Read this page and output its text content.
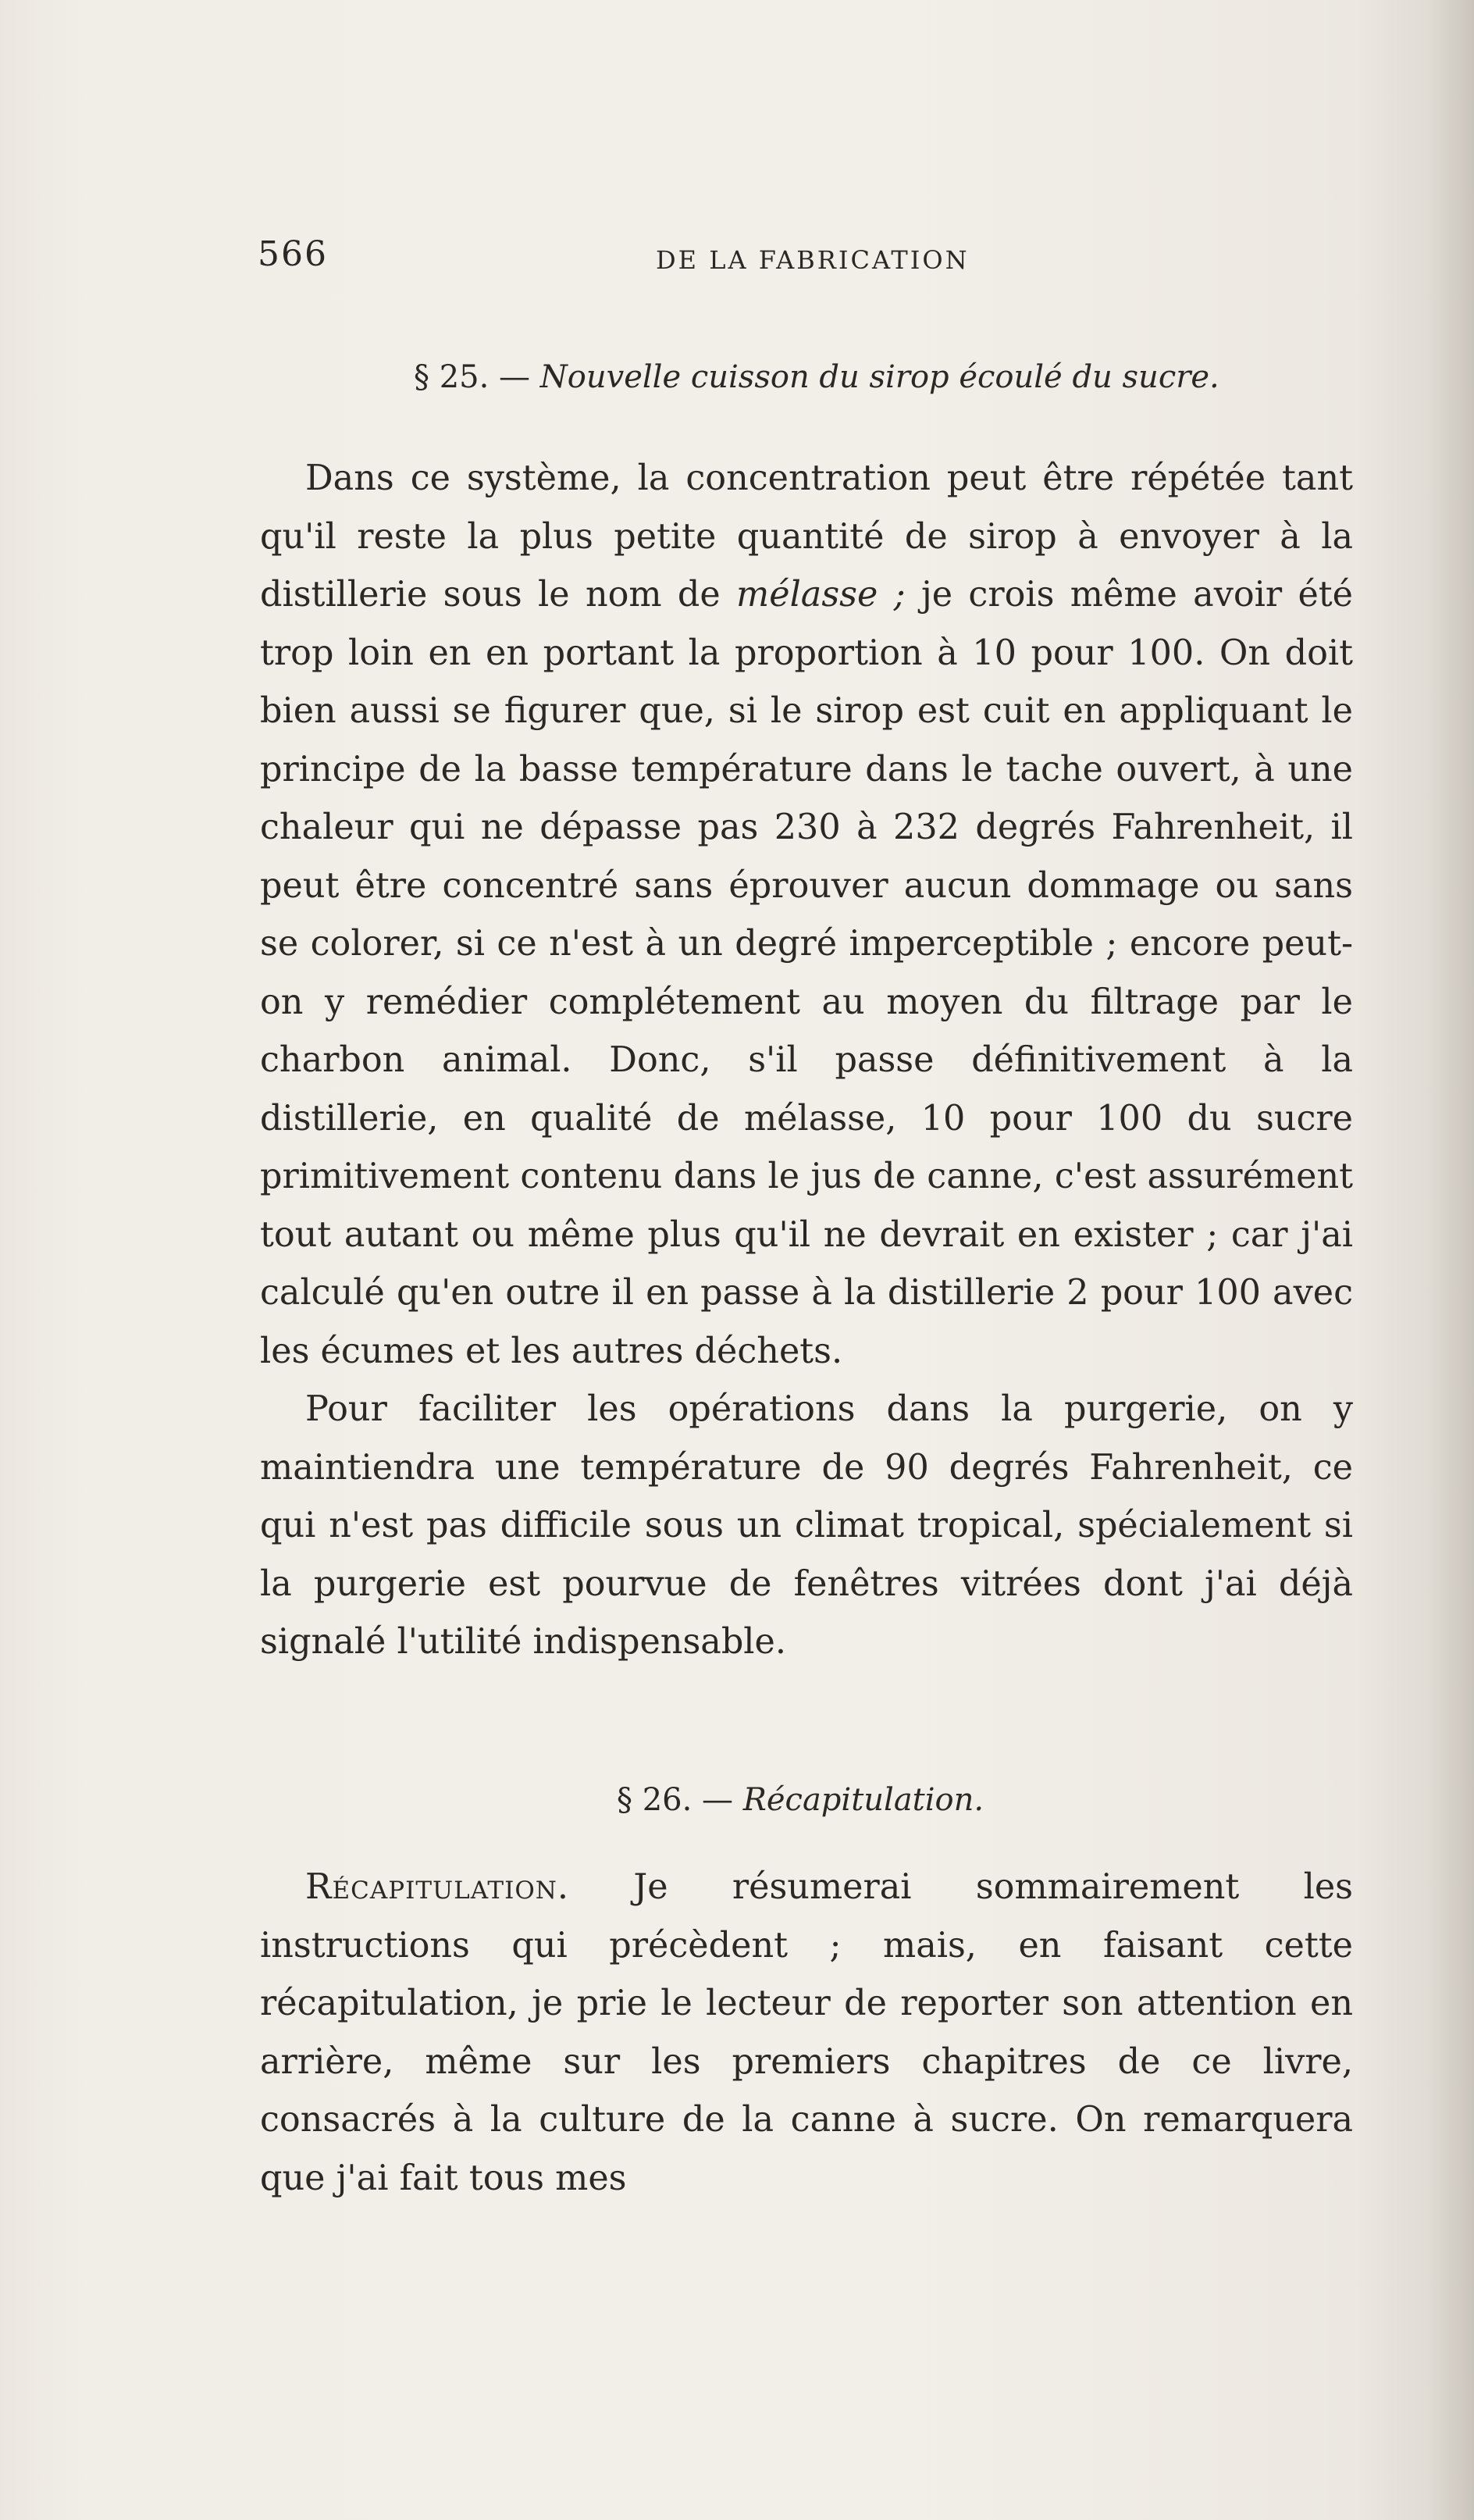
566	DE LA FABRICATION
§ 25. — Nouvelle cuisson du sirop écoulé du sucre.

Dans ce système, la concentration peut être répétée tant qu'il reste la plus petite quantité de sirop à envoyer à la distillerie sous le nom de mélasse ; je crois même avoir été trop loin en en portant la proportion à 10 pour 100. On doit bien aussi se figurer que, si le sirop est cuit en appliquant le principe de la basse température dans le tache ouvert, à une chaleur qui ne dépasse pas 230 à 232 degrés Fahrenheit, il peut être concentré sans éprouver aucun dommage ou sans se colorer, si ce n'est à un degré imperceptible ; encore peut-on y remédier complétement au moyen du filtrage par le charbon animal. Donc, s'il passe définitivement à la distillerie, en qualité de mélasse, 10 pour 100 du sucre primitivement contenu dans le jus de canne, c'est assurément tout autant ou même plus qu'il ne devrait en exister ; car j'ai calculé qu'en outre il en passe à la distillerie 2 pour 100 avec les écumes et les autres déchets.

Pour faciliter les opérations dans la purgerie, on y maintiendra une température de 90 degrés Fahrenheit, ce qui n'est pas difficile sous un climat tropical, spécialement si la purgerie est pourvue de fenêtres vitrées dont j'ai déjà signalé l'utilité indispensable.

§ 26. — Récapitulation.

Récapitulation. Je résumerai sommairement les instructions qui précèdent ; mais, en faisant cette récapitulation, je prie le lecteur de reporter son attention en arrière, même sur les premiers chapitres de ce livre, consacrés à la culture de la canne à sucre. On remarquera que j'ai fait tous mes
